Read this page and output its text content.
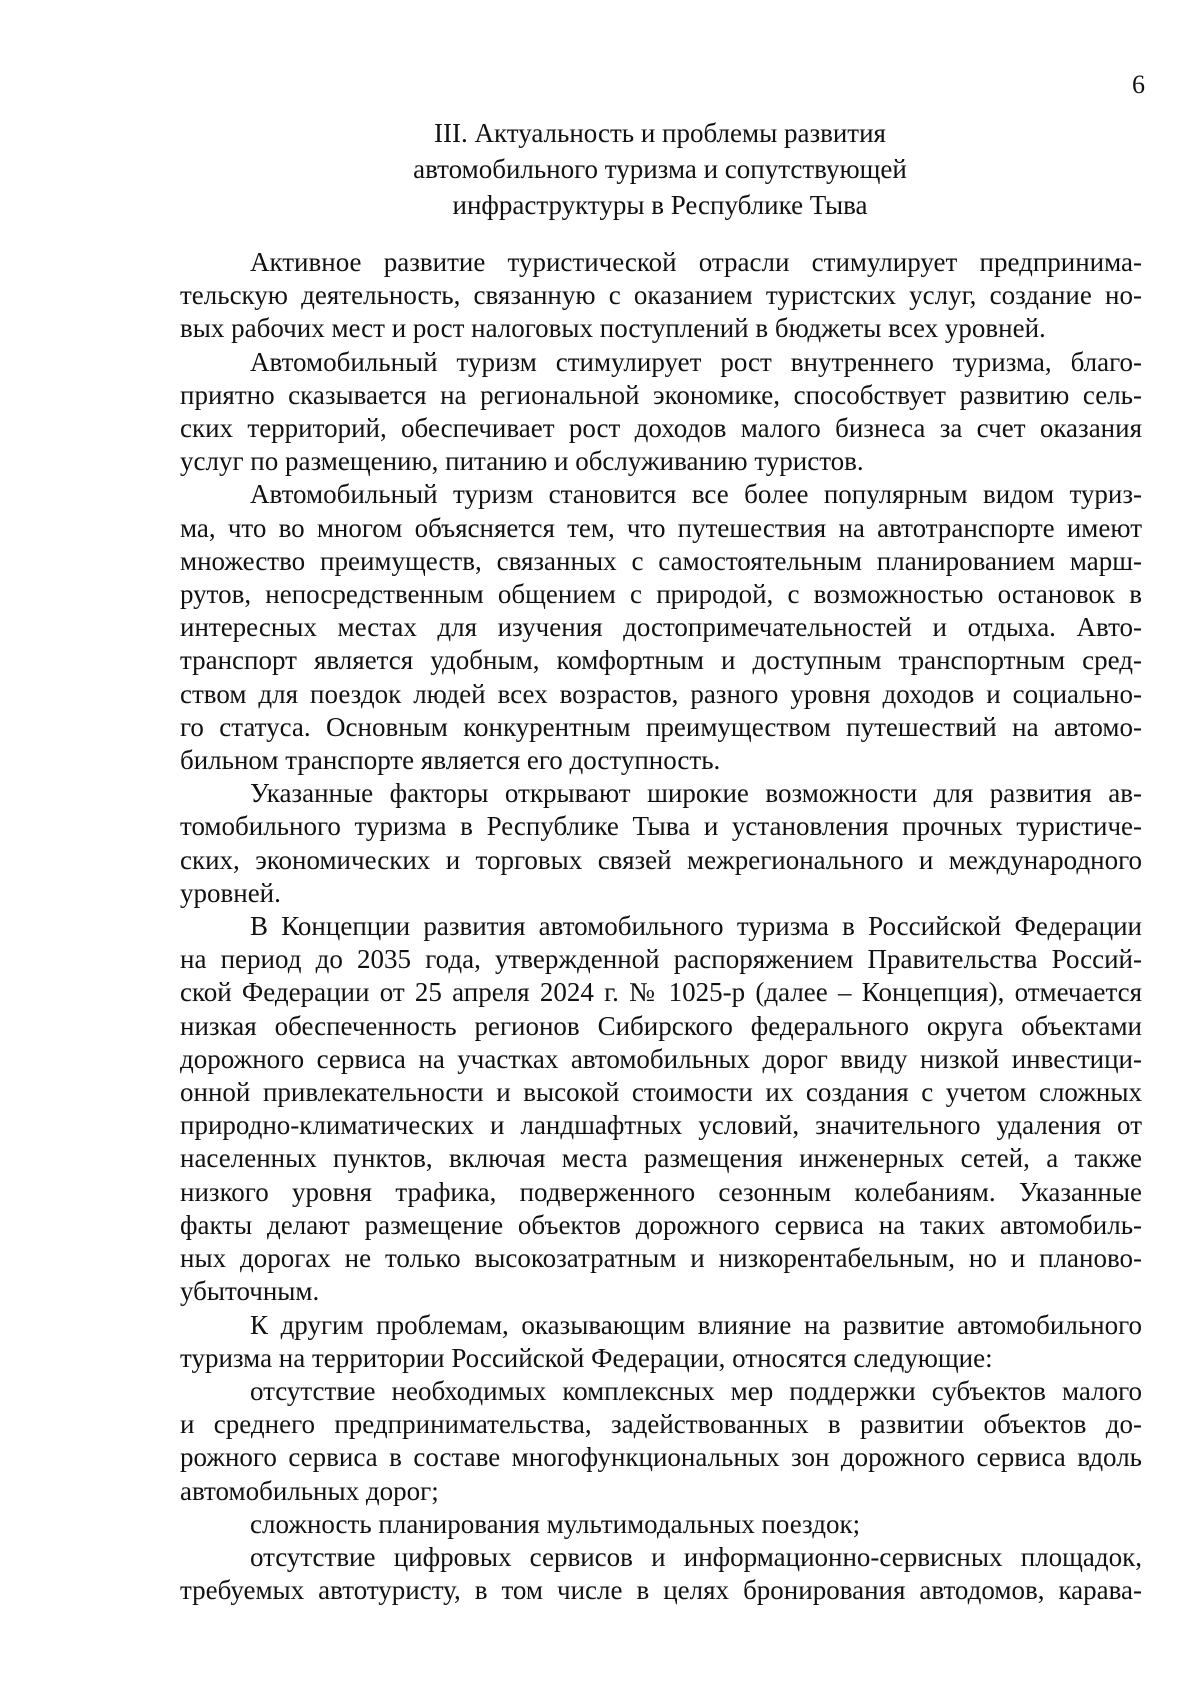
6
III. Актуальность и проблемы развития
автомобильного туризма и сопутствующей
инфраструктуры в Республике Тыва
Активное развитие туристической отрасли стимулирует предпринима-
тельскую деятельность, связанную с оказанием туристских услуг, создание но-
вых рабочих мест и рост налоговых поступлений в бюджеты всех уровней.
Автомобильный туризм стимулирует рост внутреннего туризма, благо-
приятно сказывается на региональной экономике, способствует развитию сель-
ских территорий, обеспечивает рост доходов малого бизнеса за счет оказания
услуг по размещению, питанию и обслуживанию туристов.
Автомобильный туризм становится все более популярным видом туриз-
ма, что во многом объясняется тем, что путешествия на автотранспорте имеют
множество преимуществ, связанных с самостоятельным планированием марш-
рутов, непосредственным общением с природой, с возможностью остановок в
интересных местах для изучения достопримечательностей и отдыха. Авто-
транспорт является удобным, комфортным и доступным транспортным сред-
ством для поездок людей всех возрастов, разного уровня доходов и социально-
го статуса. Основным конкурентным преимуществом путешествий на автомо-
бильном транспорте является его доступность.
Указанные факторы открывают широкие возможности для развития ав-
томобильного туризма в Республике Тыва и установления прочных туристиче-
ских, экономических и торговых связей межрегионального и международного
уровней.
В Концепции развития автомобильного туризма в Российской Федерации
на период до 2035 года, утвержденной распоряжением Правительства Россий-
ской Федерации от 25 апреля 2024 г. № 1025-р (далее – Концепция), отмечается
низкая обеспеченность регионов Сибирского федерального округа объектами
дорожного сервиса на участках автомобильных дорог ввиду низкой инвестици-
онной привлекательности и высокой стоимости их создания с учетом сложных
природно-климатических и ландшафтных условий, значительного удаления от
населенных пунктов, включая места размещения инженерных сетей, а также
низкого уровня трафика, подверженного сезонным колебаниям. Указанные
факты делают размещение объектов дорожного сервиса на таких автомобиль-
ных дорогах не только высокозатратным и низкорентабельным, но и планово-
убыточным.
К другим проблемам, оказывающим влияние на развитие автомобильного
туризма на территории Российской Федерации, относятся следующие:
отсутствие необходимых комплексных мер поддержки субъектов малого
и среднего предпринимательства, задействованных в развитии объектов до-
рожного сервиса в составе многофункциональных зон дорожного сервиса вдоль
автомобильных дорог;
сложность планирования мультимодальных поездок;
отсутствие цифровых сервисов и информационно-сервисных площадок,
требуемых автотуристу, в том числе в целях бронирования автодомов, карава-
